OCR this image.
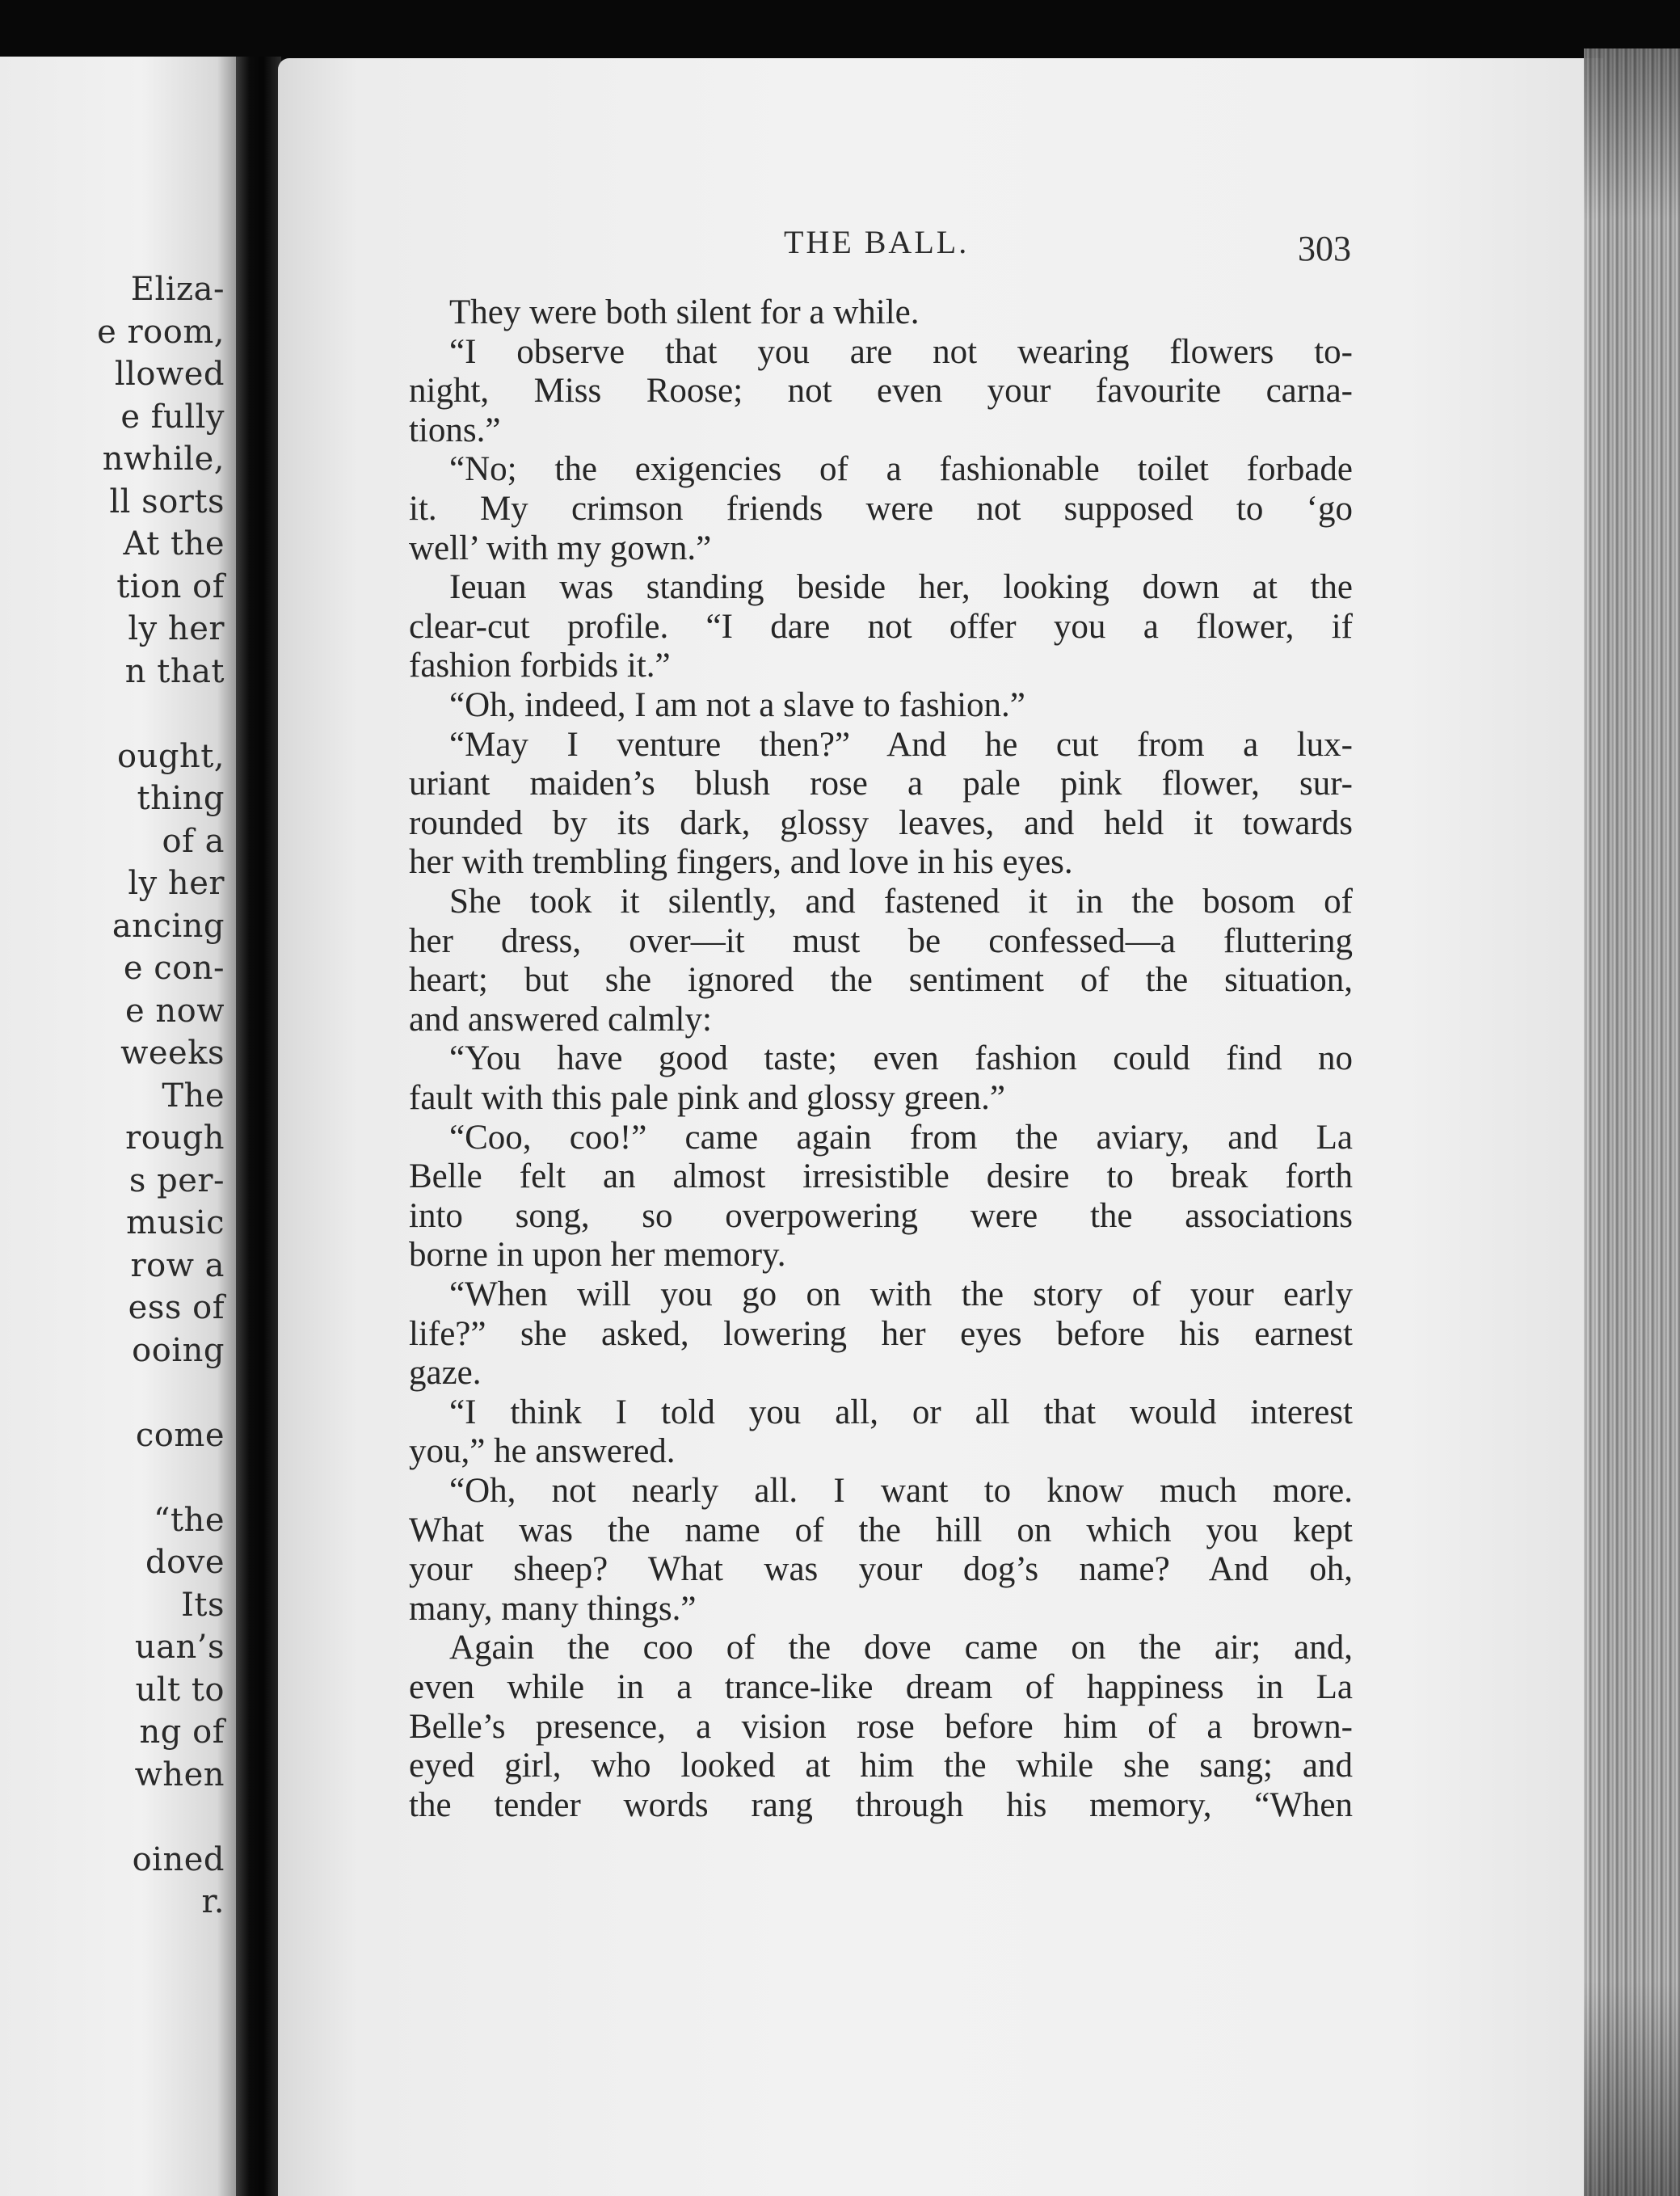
Eliza-
e room,
llowed
e fully
nwhile,
ll sorts
At the
tion of
ly her
n that
ought,
thing
of a
ly her
ancing
e con-
e now
weeks
The
rough
s per-
music
row a
ess of
ooing
come
“the
dove
Its
uan’s
ult to
ng of
when
oined
r.
THE BALL.	303
They were both silent for a while.
“I observe that you are not wearing flowers to-
night, Miss Roose; not even your favourite carna-
tions.”
“No; the exigencies of a fashionable toilet forbade
it. My crimson friends were not supposed to ‘go
well’ with my gown.”
Ieuan was standing beside her, looking down at the
clear-cut profile. “I dare not offer you a flower, if
fashion forbids it.”
“Oh, indeed, I am not a slave to fashion.”
“May I venture then?” And he cut from a lux-
uriant maiden’s blush rose a pale pink flower, sur-
rounded by its dark, glossy leaves, and held it towards
her with trembling fingers, and love in his eyes.
She took it silently, and fastened it in the bosom of
her dress, over—it must be confessed—a fluttering
heart; but she ignored the sentiment of the situation,
and answered calmly:
“You have good taste; even fashion could find no
fault with this pale pink and glossy green.”
“Coo, coo!” came again from the aviary, and La
Belle felt an almost irresistible desire to break forth
into song, so overpowering were the associations
borne in upon her memory.
“When will you go on with the story of your early
life?” she asked, lowering her eyes before his earnest
gaze.
“I think I told you all, or all that would interest
you,” he answered.
“Oh, not nearly all. I want to know much more.
What was the name of the hill on which you kept
your sheep? What was your dog’s name? And oh,
many, many things.”
Again the coo of the dove came on the air; and,
even while in a trance-like dream of happiness in La
Belle’s presence, a vision rose before him of a brown-
eyed girl, who looked at him the while she sang; and
the tender words rang through his memory, “When
